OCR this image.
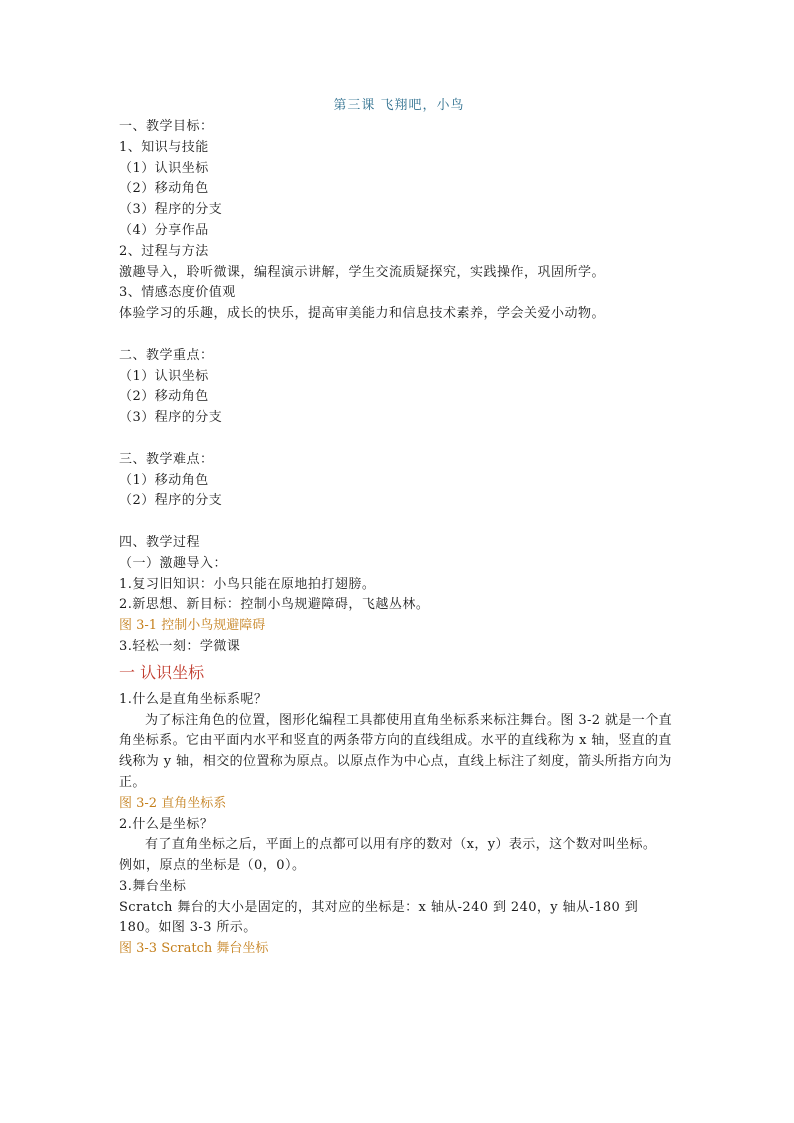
第三课 飞翔吧，小鸟
一、教学目标：
1、知识与技能
（1）认识坐标
（2）移动角色
（3）程序的分支
（4）分享作品
2、过程与方法
激趣导入，聆听微课，编程演示讲解，学生交流质疑探究，实践操作，巩固所学。
3、情感态度价值观
体验学习的乐趣，成长的快乐，提高审美能力和信息技术素养，学会关爱小动物。
二、教学重点：
（1）认识坐标
（2）移动角色
（3）程序的分支
三、教学难点：
（1）移动角色
（2）程序的分支
四、教学过程
（一）激趣导入：
1.复习旧知识：小鸟只能在原地拍打翅膀。
2.新思想、新目标：控制小鸟规避障碍，飞越丛林。
图 3-1 控制小鸟规避障碍
3.轻松一刻：学微课
一 认识坐标
1.什么是直角坐标系呢？
为了标注角色的位置，图形化编程工具都使用直角坐标系来标注舞台。图 3-2 就是一个直角坐标系。它由平面内水平和竖直的两条带方向的直线组成。水平的直线称为 x 轴，竖直的直线称为 y 轴，相交的位置称为原点。以原点作为中心点，直线上标注了刻度，箭头所指方向为正。
图 3-2 直角坐标系
2.什么是坐标？
有了直角坐标之后，平面上的点都可以用有序的数对（x，y）表示，这个数对叫坐标。
例如，原点的坐标是（0，0）。
3.舞台坐标
Scratch 舞台的大小是固定的，其对应的坐标是：x 轴从-240 到 240，y 轴从-180 到 180。如图 3-3 所示。
图 3-3 Scratch 舞台坐标
